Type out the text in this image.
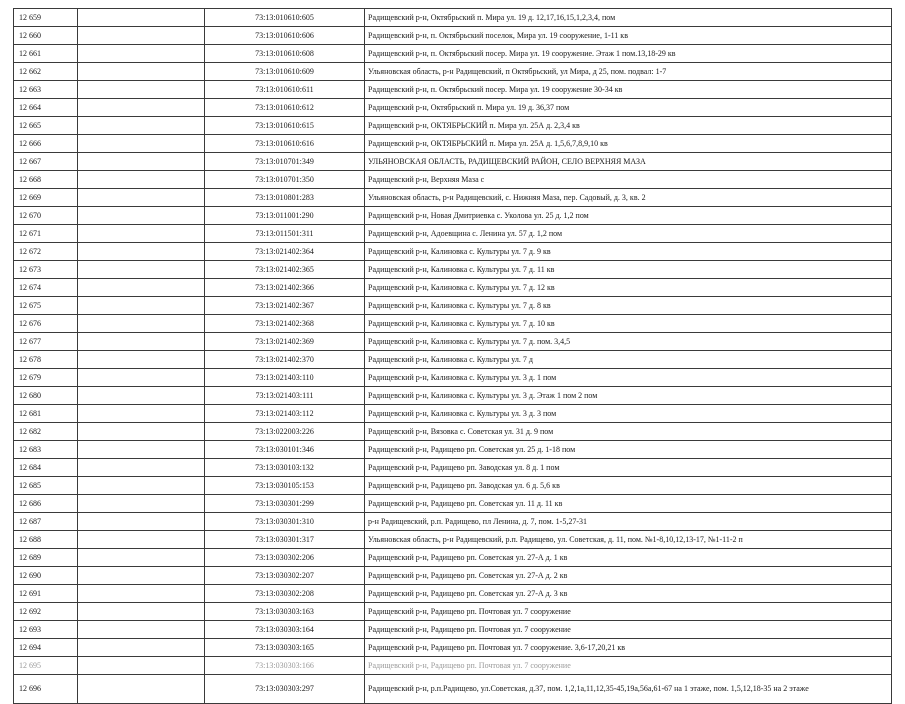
12 659		73:13:010610:605	Радищевский р-н, Октябрьский п. Мира ул. 19 д. 12,17,16,15,1,2,3,4, пом
12 660		73:13:010610:606	Радищевский р-н, п. Октябрьский поселок, Мира ул. 19 сооружение, 1-11 кв
12 661		73:13:010610:608	Радищевский р-н, п. Октябрьский посер. Мира ул. 19 сооружение. Этаж 1 пом.13,18-29 кв
12 662		73:13:010610:609	Ульяновская область, р-н Радищевский, п Октябрьский, ул Мира, д 25, пом. подвал: 1-7
12 663		73:13:010610:611	Радищевский р-н, п. Октябрьский посер. Мира ул. 19 сооружение 30-34 кв
12 664		73:13:010610:612	Радищевский р-н, Октябрьский п. Мира ул. 19 д. 36,37 пом
12 665		73:13:010610:615	Радищевский р-н, ОКТЯБРЬСКИЙ п. Мира ул. 25А д. 2,3,4 кв
12 666		73:13:010610:616	Радищевский р-н, ОКТЯБРЬСКИЙ п. Мира ул. 25А д. 1,5,6,7,8,9,10 кв
12 667		73:13:010701:349	УЛЬЯНОВСКАЯ ОБЛАСТЬ, РАДИЩЕВСКИЙ РАЙОН, СЕЛО ВЕРХНЯЯ МАЗА
12 668		73:13:010701:350	Радищевский р-н, Верхняя Маза с
12 669		73:13:010801:283	Ульяновская область, р-н Радищевский, с. Нижняя Маза, пер. Садовый, д. 3, кв. 2
12 670		73:13:011001:290	Радищевский р-н, Новая Дмитриевка с. Уколова ул. 25 д. 1,2 пом
12 671		73:13:011501:311	Радищевский р-н, Адоевщина с. Ленина ул. 57 д. 1,2 пом
12 672		73:13:021402:364	Радищевский р-н, Калиновка с. Культуры ул. 7 д. 9 кв
12 673		73:13:021402:365	Радищевский р-н, Калиновка с. Культуры ул. 7 д. 11 кв
12 674		73:13:021402:366	Радищевский р-н, Калиновка с. Культуры ул. 7 д. 12 кв
12 675		73:13:021402:367	Радищевский р-н, Калиновка с. Культуры ул. 7 д. 8 кв
12 676		73:13:021402:368	Радищевский р-н, Калиновка с. Культуры ул. 7 д. 10 кв
12 677		73:13:021402:369	Радищевский р-н, Калиновка с. Культуры ул. 7 д. пом. 3,4,5
12 678		73:13:021402:370	Радищевский р-н, Калиновка с. Культуры ул. 7 д
12 679		73:13:021403:110	Радищевский р-н, Калиновка с. Культуры ул. 3 д. 1 пом
12 680		73:13:021403:111	Радищевский р-н, Калиновка с. Культуры ул. 3 д. Этаж 1 пом 2 пом
12 681		73:13:021403:112	Радищевский р-н, Калиновка с. Культуры ул. 3 д. 3 пом
12 682		73:13:022003:226	Радищевский р-н, Вязовка с. Советская ул. 31 д. 9 пом
12 683		73:13:030101:346	Радищевский р-н, Радищево рп. Советская ул. 25 д. 1-18 пом
12 684		73:13:030103:132	Радищевский р-н, Радищево рп. Заводская ул. 8 д. 1 пом
12 685		73:13:030105:153	Радищевский р-н, Радищево рп. Заводская ул. 6 д. 5,6 кв
12 686		73:13:030301:299	Радищевский р-н, Радищево рп. Советская ул. 11 д. 11 кв
12 687		73:13:030301:310	р-н Радищевский, р.п. Радищево, пл Ленина, д. 7, пом. 1-5,27-31
12 688		73:13:030301:317	Ульяновская область, р-н Радищевский, р.п. Радищево, ул. Советская, д. 11, пом. №1-8,10,12,13-17, №1-11-2 п
12 689		73:13:030302:206	Радищевский р-н, Радищево рп. Советская ул. 27-А д. 1 кв
12 690		73:13:030302:207	Радищевский р-н, Радищево рп. Советская ул. 27-А д. 2 кв
12 691		73:13:030302:208	Радищевский р-н, Радищево рп. Советская ул. 27-А д. 3 кв
12 692		73:13:030303:163	Радищевский р-н, Радищево рп. Почтовая ул. 7 сооружение
12 693		73:13:030303:164	Радищевский р-н, Радищево рп. Почтовая ул. 7 сооружение
12 694		73:13:030303:165	Радищевский р-н, Радищево рп. Почтовая ул. 7 сооружение. 3,6-17,20,21 кв
12 695		73:13:030303:166	Радищевский р-н, Радищево рп. Почтовая ул. 7 сооружение
12 696		73:13:030303:297	Радищевский р-н, р.п.Радищево, ул.Советская, д.37, пом. 1,2,1а,11,12,35-45,19а,56а,61-67 на 1 этаже, пом. 1,5,12,18-35 на 2 этаже
